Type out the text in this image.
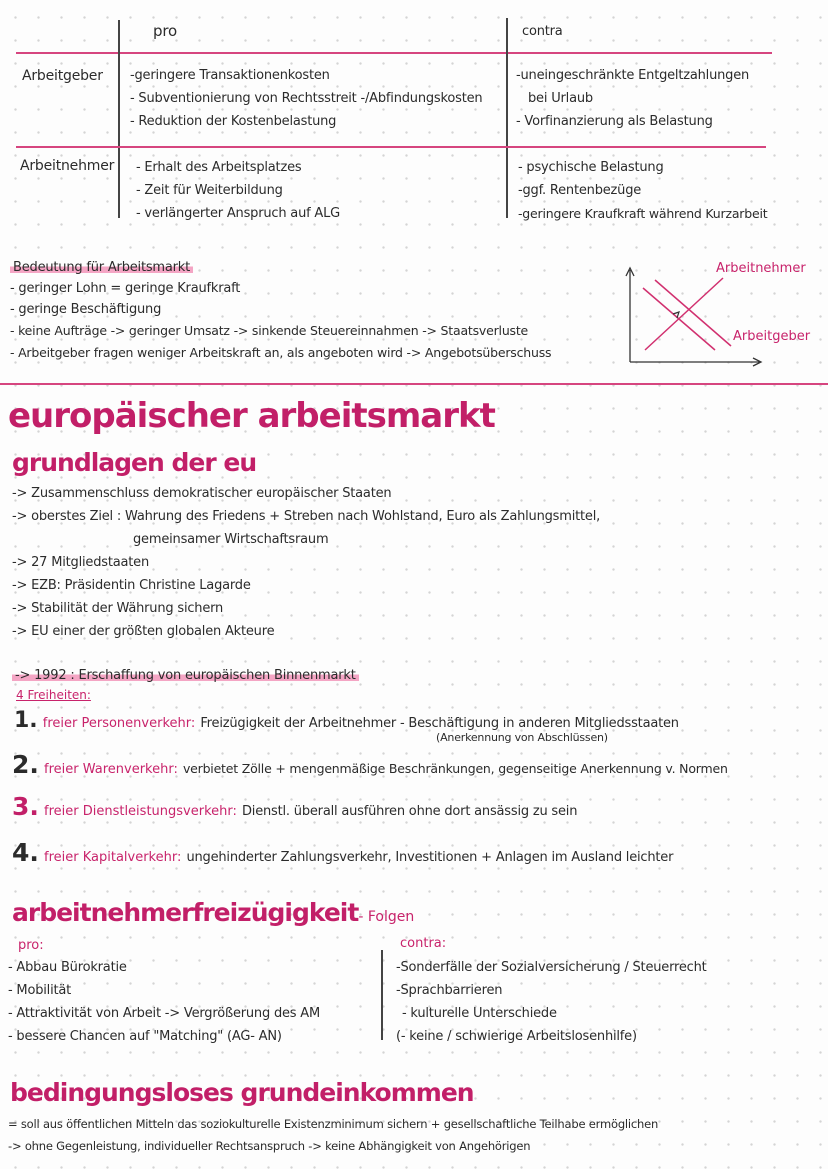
pro	contra
Arbeitgeber -geringere Transaktionenkosten
- Subventionierung von Rechtsstreit -/Abfindungskosten
- Reduktion der Kostenbelastung
-uneingeschränkte Entgeltzahlungen
bei Urlaub
- Vorfinanzierung als Belastung
Arbeitnehmer - Erhalt des Arbeitsplatzes
- Zeit für Weiterbildung
- verlängerter Anspruch auf ALG
- psychische Belastung
-ggf. Rentenbezüge
-geringere Kraufkraft während Kurzarbeit
Bedeutung für Arbeitsmarkt
- geringer Lohn = geringe Kraufkraft
- geringe Beschäftigung
- keine Aufträge -> geringer Umsatz -> sinkende Steuereinnahmen -> Staatsverluste
- Arbeitgeber fragen weniger Arbeitskraft an, als angeboten wird -> Angebotsüberschuss
Arbeitnehmer
Arbeitgeber
europäischer arbeitsmarkt
grundlagen der eu
-> Zusammenschluss demokratischer europäischer Staaten
-> oberstes Ziel : Wahrung des Friedens + Streben nach Wohlstand, Euro als Zahlungsmittel,
gemeinsamer Wirtschaftsraum
-> 27 Mitgliedstaaten
-> EZB: Präsidentin Christine Lagarde
-> Stabilität der Währung sichern
-> EU einer der größten globalen Akteure
-> 1992 : Erschaffung von europäischen Binnenmarkt
4 Freiheiten:
1. freier Personenverkehr: Freizügigkeit der Arbeitnehmer - Beschäftigung in anderen Mitgliedsstaaten
(Anerkennung von Abschlüssen)
2. freier Warenverkehr: verbietet Zölle + mengenmäßige Beschränkungen, gegenseitige Anerkennung v. Normen
3. freier Dienstleistungsverkehr: Dienstl. überall ausführen ohne dort ansässig zu sein
4. freier Kapitalverkehr: ungehinderter Zahlungsverkehr, Investitionen + Anlagen im Ausland leichter
arbeitnehmerfreizügigkeit- Folgen
pro:	contra:
- Abbau Bürokratie
- Mobilität
- Attraktivität von Arbeit -> Vergrößerung des AM
- bessere Chancen auf "Matching" (AG- AN)
-Sonderfälle der Sozialversicherung / Steuerrecht
-Sprachbarrieren
- kulturelle Unterschiede
(- keine / schwierige Arbeitslosenhilfe)
bedingungsloses grundeinkommen
= soll aus öffentlichen Mitteln das soziokulturelle Existenzminimum sichern + gesellschaftliche Teilhabe ermöglichen
-> ohne Gegenleistung, individueller Rechtsanspruch -> keine Abhängigkeit von Angehörigen
